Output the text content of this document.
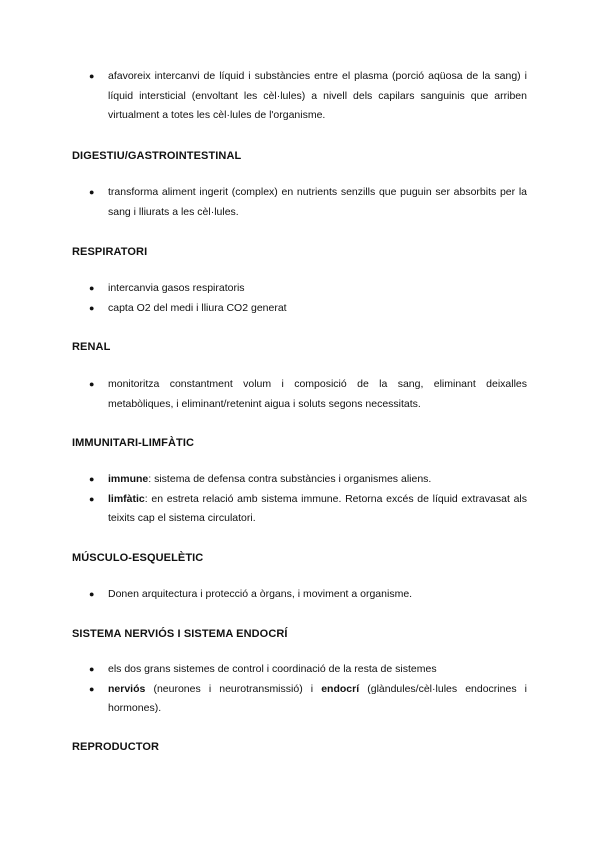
● afavoreix intercanvi de líquid i substàncies entre el plasma (porció aqüosa de la sang) i líquid intersticial (envoltant les cèl·lules) a nivell dels capilars sanguinis que arriben virtualment a totes les cèl·lules de l'organisme.

DIGESTIU/GASTROINTESTINAL

● transforma aliment ingerit (complex) en nutrients senzills que puguin ser absorbits per la sang i lliurats a les cèl·lules.

RESPIRATORI

● intercanvia gasos respiratoris
● capta O2 del medi i lliura CO2 generat

RENAL

● monitoritza constantment volum i composició de la sang, eliminant deixalles metabòliques, i eliminant/retenint aigua i soluts segons necessitats.

IMMUNITARI-LIMFÀTIC

● immune: sistema de defensa contra substàncies i organismes aliens.
● limfàtic: en estreta relació amb sistema immune. Retorna excés de líquid extravasat als teixits cap el sistema circulatori.

MÚSCULO-ESQUELÈTIC

● Donen arquitectura i protecció a òrgans, i moviment a organisme.

SISTEMA NERVIÓS I SISTEMA ENDOCRÍ

● els dos grans sistemes de control i coordinació de la resta de sistemes
● nerviós (neurones i neurotransmissió) i endocrí (glàndules/cèl·lules endocrines i hormones).

REPRODUCTOR
